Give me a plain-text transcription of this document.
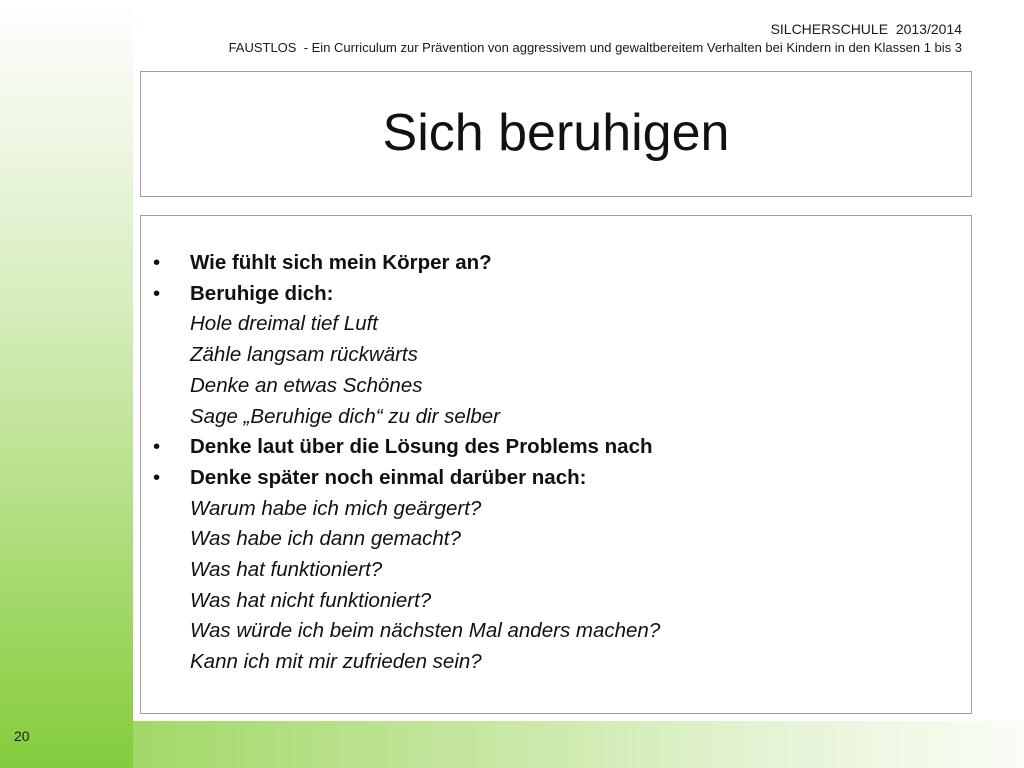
20
SILCHERSCHULE  2013/2014
FAUSTLOS  - Ein Curriculum zur Prävention von aggressivem und gewaltbereitem Verhalten bei Kindern in den Klassen 1 bis 3
Sich beruhigen
• Wie fühlt sich mein Körper an?
• Beruhige dich:
Hole dreimal tief Luft
Zähle langsam rückwärts
Denke an etwas Schönes
Sage „Beruhige dich“ zu dir selber
• Denke laut über die Lösung des Problems nach
• Denke später noch einmal darüber nach:
Warum habe ich mich geärgert?
Was habe ich dann gemacht?
Was hat funktioniert?
Was hat nicht funktioniert?
Was würde ich beim nächsten Mal anders machen?
Kann ich mit mir zufrieden sein?
